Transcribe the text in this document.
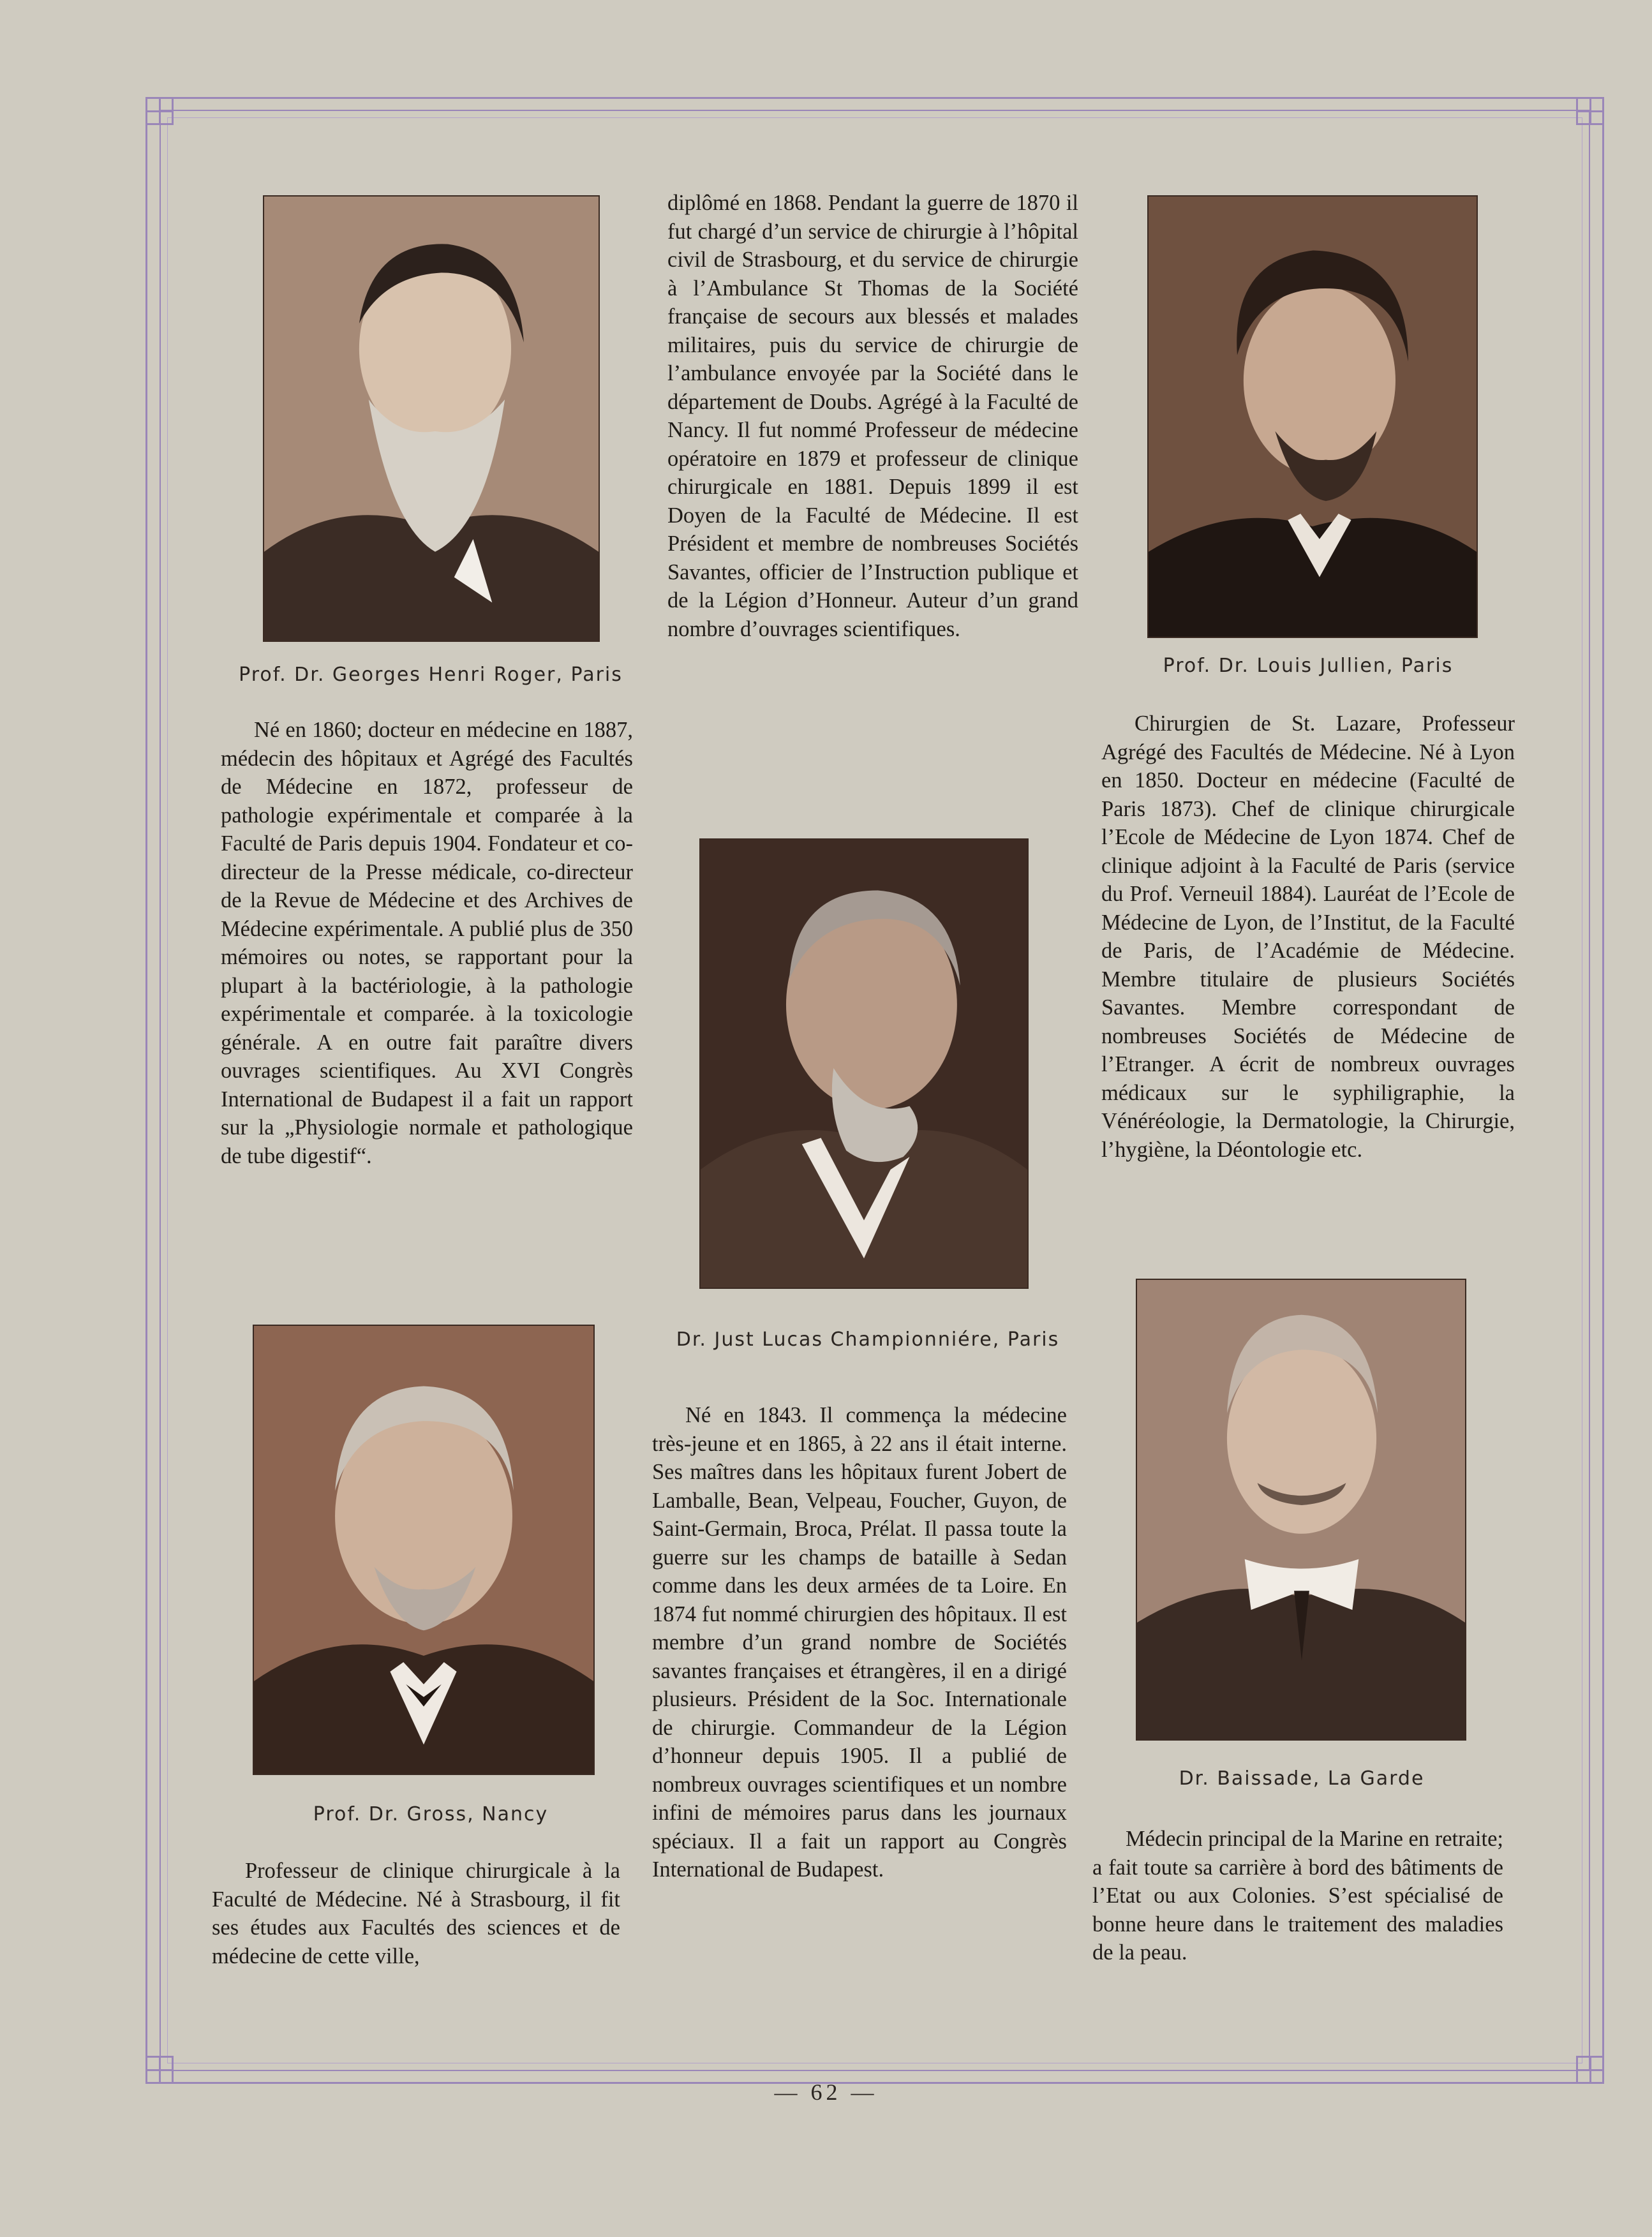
Prof. Dr. Georges Henri Roger, Paris

Né en 1860; docteur en médecine en 1887, médecin des hôpitaux et Agrégé des Facultés de Médecine en 1872, professeur de pathologie expérimentale et comparée à la Faculté de Paris depuis 1904. Fondateur et co-directeur de la Presse médicale, co-directeur de la Revue de Médecine et des Archives de Médecine expérimentale. A publié plus de 350 mémoires ou notes, se rapportant pour la plupart à la bactériologie, à la pathologie expérimentale et comparée. à la toxicologie générale. A en outre fait paraître divers ouvrages scientifiques. Au XVI Congrès International de Budapest il a fait un rapport sur la „Physiologie normale et pathologique de tube digestif“.

Prof. Dr. Gross, Nancy

Professeur de clinique chirurgicale à la Faculté de Médecine. Né à Strasbourg, il fit ses études aux Facultés des sciences et de médecine de cette ville,

diplômé en 1868. Pendant la guerre de 1870 il fut chargé d’un service de chirurgie à l’hôpital civil de Strasbourg, et du service de chirurgie à l’Ambulance St Thomas de la Société française de secours aux blessés et malades militaires, puis du service de chirurgie de l’ambulance envoyée par la Société dans le département de Doubs. Agrégé à la Faculté de Nancy. Il fut nommé Professeur de médecine opératoire en 1879 et professeur de clinique chirurgicale en 1881. Depuis 1899 il est Doyen de la Faculté de Médecine. Il est Président et membre de nombreuses Sociétés Savantes, officier de l’Instruction publique et de la Légion d’Honneur. Auteur d’un grand nombre d’ouvrages scientifiques.

Dr. Just Lucas Championniére, Paris

Né en 1843. Il commença la médecine très-jeune et en 1865, à 22 ans il était interne. Ses maîtres dans les hôpitaux furent Jobert de Lamballe, Bean, Velpeau, Foucher, Guyon, de Saint-Germain, Broca, Prélat. Il passa toute la guerre sur les champs de bataille à Sedan comme dans les deux armées de ta Loire. En 1874 fut nommé chirurgien des hôpitaux. Il est membre d’un grand nombre de Sociétés savantes françaises et étrangères, il en a dirigé plusieurs. Président de la Soc. Internationale de chirurgie. Commandeur de la Légion d’honneur depuis 1905. Il a publié de nombreux ouvrages scientifiques et un nombre infini de mémoires parus dans les journaux spéciaux. Il a fait un rapport au Congrès International de Budapest.

Prof. Dr. Louis Jullien, Paris

Chirurgien de St. Lazare, Professeur Agrégé des Facultés de Médecine. Né à Lyon en 1850. Docteur en médecine (Faculté de Paris 1873). Chef de clinique chirurgicale l’Ecole de Médecine de Lyon 1874. Chef de clinique adjoint à la Faculté de Paris (service du Prof. Verneuil 1884). Lauréat de l’Ecole de Médecine de Lyon, de l’Institut, de la Faculté de Paris, de l’Académie de Médecine. Membre titulaire de plusieurs Sociétés Savantes. Membre correspondant de nombreuses Sociétés de Médecine de l’Etranger. A écrit de nombreux ouvrages médicaux sur le syphiligraphie, la Vénéréologie, la Dermatologie, la Chirurgie, l’hygiène, la Déontologie etc.

Dr. Baissade, La Garde

Médecin principal de la Marine en retraite; a fait toute sa carrière à bord des bâtiments de l’Etat ou aux Colonies. S’est spécialisé de bonne heure dans le traitement des maladies de la peau.

— 62 —
